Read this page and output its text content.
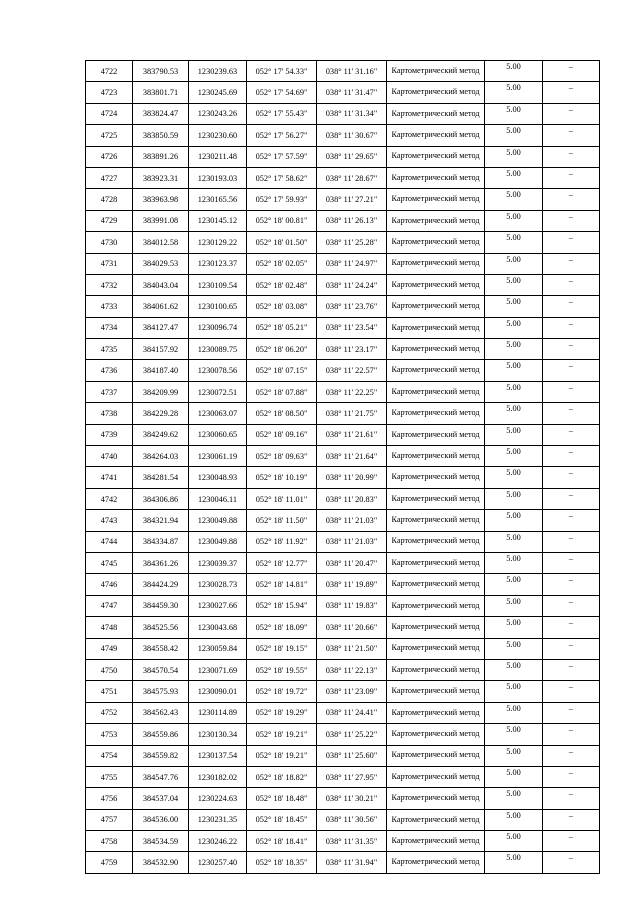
4722	383790.53	1230239.63	052° 17' 54.33"	038° 11' 31.16"	Картометрический метод	5.00	–
4723	383801.71	1230245.69	052° 17' 54.69"	038° 11' 31.47"	Картометрический метод	5.00	–
4724	383824.47	1230243.26	052° 17' 55.43"	038° 11' 31.34"	Картометрический метод	5.00	–
4725	383850.59	1230230.60	052° 17' 56.27"	038° 11' 30.67"	Картометрический метод	5.00	–
4726	383891.26	1230211.48	052° 17' 57.59"	038° 11' 29.65"	Картометрический метод	5.00	–
4727	383923.31	1230193.03	052° 17' 58.62"	038° 11' 28.67"	Картометрический метод	5.00	–
4728	383963.98	1230165.56	052° 17' 59.93"	038° 11' 27.21"	Картометрический метод	5.00	–
4729	383991.08	1230145.12	052° 18' 00.81"	038° 11' 26.13"	Картометрический метод	5.00	–
4730	384012.58	1230129.22	052° 18' 01.50"	038° 11' 25.28"	Картометрический метод	5.00	–
4731	384029.53	1230123.37	052° 18' 02.05"	038° 11' 24.97"	Картометрический метод	5.00	–
4732	384043.04	1230109.54	052° 18' 02.48"	038° 11' 24.24"	Картометрический метод	5.00	–
4733	384061.62	1230100.65	052° 18' 03.08"	038° 11' 23.76"	Картометрический метод	5.00	–
4734	384127.47	1230096.74	052° 18' 05.21"	038° 11' 23.54"	Картометрический метод	5.00	–
4735	384157.92	1230089.75	052° 18' 06.20"	038° 11' 23.17"	Картометрический метод	5.00	–
4736	384187.40	1230078.56	052° 18' 07.15"	038° 11' 22.57"	Картометрический метод	5.00	–
4737	384209.99	1230072.51	052° 18' 07.88"	038° 11' 22.25"	Картометрический метод	5.00	–
4738	384229.28	1230063.07	052° 18' 08.50"	038° 11' 21.75"	Картометрический метод	5.00	–
4739	384249.62	1230060.65	052° 18' 09.16"	038° 11' 21.61"	Картометрический метод	5.00	–
4740	384264.03	1230061.19	052° 18' 09.63"	038° 11' 21.64"	Картометрический метод	5.00	–
4741	384281.54	1230048.93	052° 18' 10.19"	038° 11' 20.99"	Картометрический метод	5.00	–
4742	384306.86	1230046.11	052° 18' 11.01"	038° 11' 20.83"	Картометрический метод	5.00	–
4743	384321.94	1230049.88	052° 18' 11.50"	038° 11' 21.03"	Картометрический метод	5.00	–
4744	384334.87	1230049.88	052° 18' 11.92"	038° 11' 21.03"	Картометрический метод	5.00	–
4745	384361.26	1230039.37	052° 18' 12.77"	038° 11' 20.47"	Картометрический метод	5.00	–
4746	384424.29	1230028.73	052° 18' 14.81"	038° 11' 19.89"	Картометрический метод	5.00	–
4747	384459.30	1230027.66	052° 18' 15.94"	038° 11' 19.83"	Картометрический метод	5.00	–
4748	384525.56	1230043.68	052° 18' 18.09"	038° 11' 20.66"	Картометрический метод	5.00	–
4749	384558.42	1230059.84	052° 18' 19.15"	038° 11' 21.50"	Картометрический метод	5.00	–
4750	384570.54	1230071.69	052° 18' 19.55"	038° 11' 22.13"	Картометрический метод	5.00	–
4751	384575.93	1230090.01	052° 18' 19.72"	038° 11' 23.09"	Картометрический метод	5.00	–
4752	384562.43	1230114.89	052° 18' 19.29"	038° 11' 24.41"	Картометрический метод	5.00	–
4753	384559.86	1230130.34	052° 18' 19.21"	038° 11' 25.22"	Картометрический метод	5.00	–
4754	384559.82	1230137.54	052° 18' 19.21"	038° 11' 25.60"	Картометрический метод	5.00	–
4755	384547.76	1230182.02	052° 18' 18.82"	038° 11' 27.95"	Картометрический метод	5.00	–
4756	384537.04	1230224.63	052° 18' 18.48"	038° 11' 30.21"	Картометрический метод	5.00	–
4757	384536.00	1230231.35	052° 18' 18.45"	038° 11' 30.56"	Картометрический метод	5.00	–
4758	384534.59	1230246.22	052° 18' 18.41"	038° 11' 31.35"	Картометрический метод	5.00	–
4759	384532.90	1230257.40	052° 18' 18.35"	038° 11' 31.94"	Картометрический метод	5.00	–
